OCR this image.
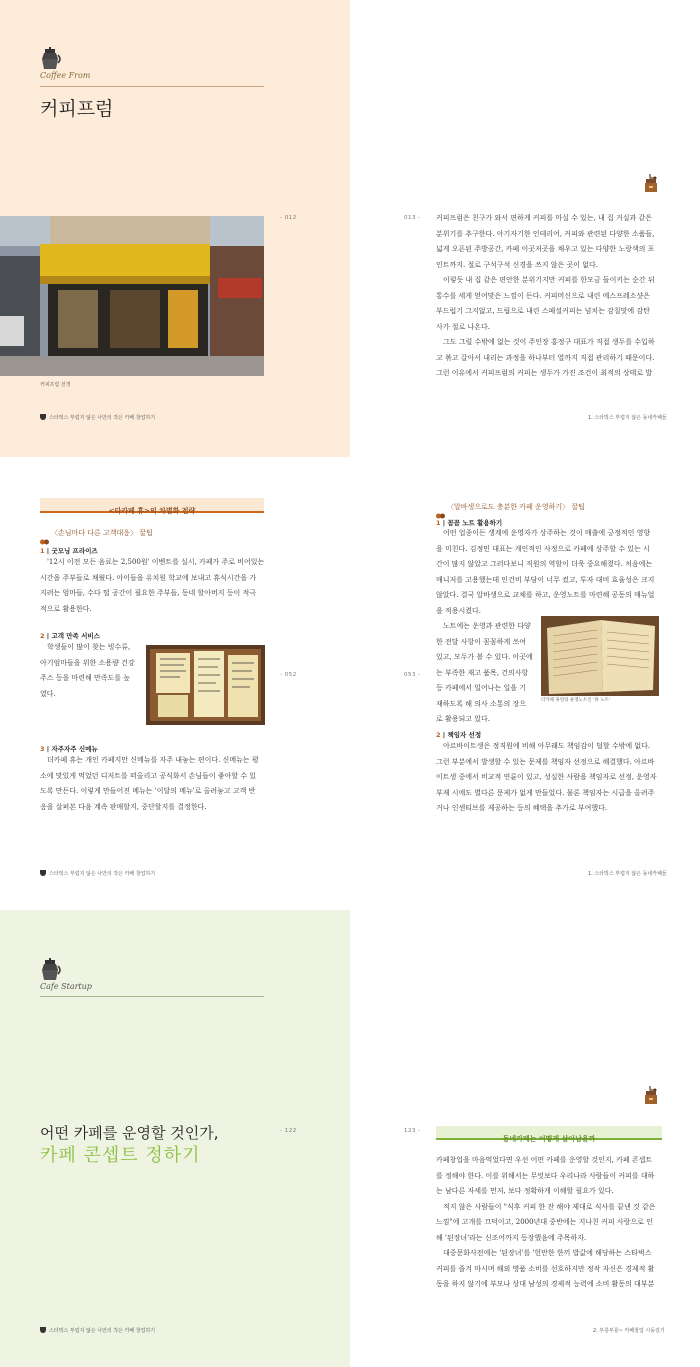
Coffee From
커피프럼
커피프럼 전경
- 012
스타벅스 부럽지 않은 나만의 작은 카페 창업하기
013 - 커피프럼은 친구가 와서 편하게 커피를 마실 수 있는, 내 집 거실과 같은
분위기를 추구한다. 아기자기한 인테리어, 커피와 관련된 다양한 소품들,
넓게 오픈된 주방공간, 카페 이곳저곳을 채우고 있는 다양한 노랑색의 포
인트까지. 절로 구석구석 신경을 쓰지 않은 곳이 없다.
이렇듯 내 집 같은 편안한 분위기지만 커피를 한모금 들이키는 순간 뒤
통수를 세게 얻어맞은 느낌이 든다. 커피머신으로 내린 에스프레소샷은
부드럽기 그지없고, 드립으로 내린 스페셜커피는 넘치는 감칠맛에 감탄
사가 절로 나온다.
그도 그럴 수밖에 없는 것이 주인장 홍정구 대표가 직접 생두를 수입하
고 볶고 갈아서 내리는 과정을 하나부터 열까지 직접 관리하기 때문이다.
그런 이유에서 커피프럼의 커피는 생두가 가진 조건이 최적의 상태로 발
1. 스타벅스 부럽지 않은 동네카페들
<타카페 휴>의 차별화 전략
〈손님마다 다른 고객대응〉 꿀팁
1 | 굿모닝 프라이즈
'12시 이전 모든 음료는 2,500원' 이벤트를 실시, 카페가 주로 비어있는
시간을 주부들로 채웠다. 아이들을 유치원 학교에 보내고 휴식시간을 가
지려는 엄마들, 수다 떨 공간이 필요한 주부들, 동네 할아버지 등이 적극
적으로 활용한다.
2 | 고객 만족 서비스
학생들이 많이 찾는 빙수류,
아기엄마들을 위한 소용량 건강
주스 등을 마련해 만족도를 높
였다.
- 052
3 | 자주자주 신메뉴
더카페 휴는 개인 카페지만 신메뉴를 자주 내놓는 편이다. 신메뉴는 평
소에 맛있게 먹었던 디저트를 떠올리고 공식화서 손님들이 좋아할 수 있
도록 만든다. 이렇게 만들어진 메뉴는 '이달의 메뉴'로 올려놓고 고객 반
응을 살펴본 다음 계속 판매할지, 중단할지를 결정한다.
스타벅스 부럽지 않은 나만의 작은 카페 창업하기
〈알바생으로도 충분한 카페 운영하기〉 꿀팁
1 | 꼼꼼 노트 활용하기
어떤 업종이든 생계에 운영자가 상주하는 것이 매출에 긍정적인 영향
을 미친다. 김정민 대표는 개인적인 사정으로 카페에 상주할 수 있는 시
간이 많지 않았고 그러다보니 직원의 역할이 더욱 중요해졌다. 처음에는
매니저를 고용했는데 인건비 부담이 너무 컸고, 투자 대비 효율성은 크지
않았다. 결국 알바생으로 교체를 하고, 운영노트를 마련해 공동의 매뉴얼
을 적용시켰다.
노트에는 운영과 관련한 다양
한 전달 사항이 꼼꼼하게 쓰여
있고, 모두가 볼 수 있다. 이곳에
는 부족한 재고 품목, 건의사항
등 카페에서 일어나는 일을 기
재하도록 해 의사 소통의 장으
로 활용되고 있다.
더카페 휴만의 운영노트인 '휴 노트'
053 -
2 | 책임자 선정
아르바이트생은 정직원에 비해 아무래도 책임감이 덜할 수밖에 없다.
그런 부분에서 발생할 수 있는 문제를 책임자 선정으로 해결했다. 아르바
이트생 중에서 비교적 연륜이 있고, 성실한 사람을 책임자로 선정, 운영자
부재 시에도 별다른 문제가 없게 만들었다. 물론 책임자는 시급을 올려주
거나 인센티브를 제공하는 등의 혜택을 추가로 부여했다.
1. 스타벅스 부럽지 않은 동네카페들
Cafe Startup
어떤 카페를 운영할 것인가,
카페 콘셉트 정하기
- 122
스타벅스 부럽지 않은 나만의 작은 카페 창업하기
123 -
동네카페는 어떻게 살아남을까
카페창업을 마음먹었다면 우선 어떤 카페를 운영할 것인지, 카페 콘셉트
를 정해야 한다. 이를 위해서는 무엇보다 우리나라 사람들이 커피를 대하
는 남다른 자세를 먼저, 보다 정확하게 이해할 필요가 있다.
적지 않은 사람들이 "식후 커피 한 잔 해야 제대로 식사를 끝낸 것 같은
느낌"에 고개를 끄덕이고, 2000년대 중반에는 지나친 커피 사랑으로 인
해 '된장녀'라는 신조어까지 등장했음에 주목하자.
대중문화사전에는 '된장녀'를 '헌만한 한끼 밥값에 해당하는 스타벅스
커피를 즐겨 마시며 해외 명품 소비를 선호하지만 정작 자신은 경제적 활
동을 하지 않기에 부모나 상대 남성의 경제적 능력에 소비 활동의 대부분
2. 부릉부릉~ 카페창업 시동걸기
